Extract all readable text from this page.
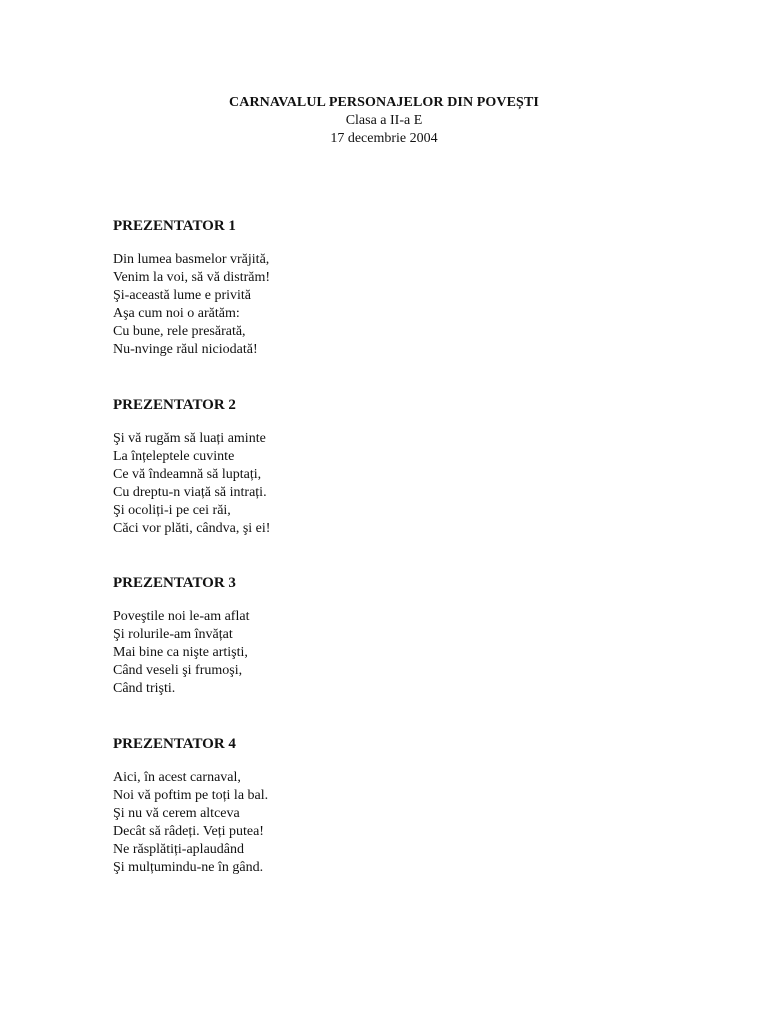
CARNAVALUL PERSONAJELOR DIN POVEȘTI
Clasa a II-a E
17 decembrie 2004
PREZENTATOR 1
Din lumea basmelor vrăjită,
Venim la voi, să vă distrăm!
Şi-această lume e privită
Aşa cum noi o arătăm:
Cu bune, rele presărată,
Nu-nvinge răul niciodată!
PREZENTATOR 2
Şi vă rugăm să luați aminte
La înțeleptele cuvinte
Ce vă îndeamnă să luptați,
Cu dreptu-n viață să intrați.
Şi ocoliți-i pe cei răi,
Căci vor plăti, cândva, şi ei!
PREZENTATOR 3
Poveştile noi le-am aflat
Şi rolurile-am învățat
Mai bine ca nişte artişti,
Când veseli şi frumoşi,
Când trişti.
PREZENTATOR 4
Aici, în acest carnaval,
Noi vă poftim pe toți la bal.
Şi nu vă cerem altceva
Decât să râdeți. Veți putea!
Ne răsplătiți-aplaudând
Şi mulțumindu-ne în gând.
